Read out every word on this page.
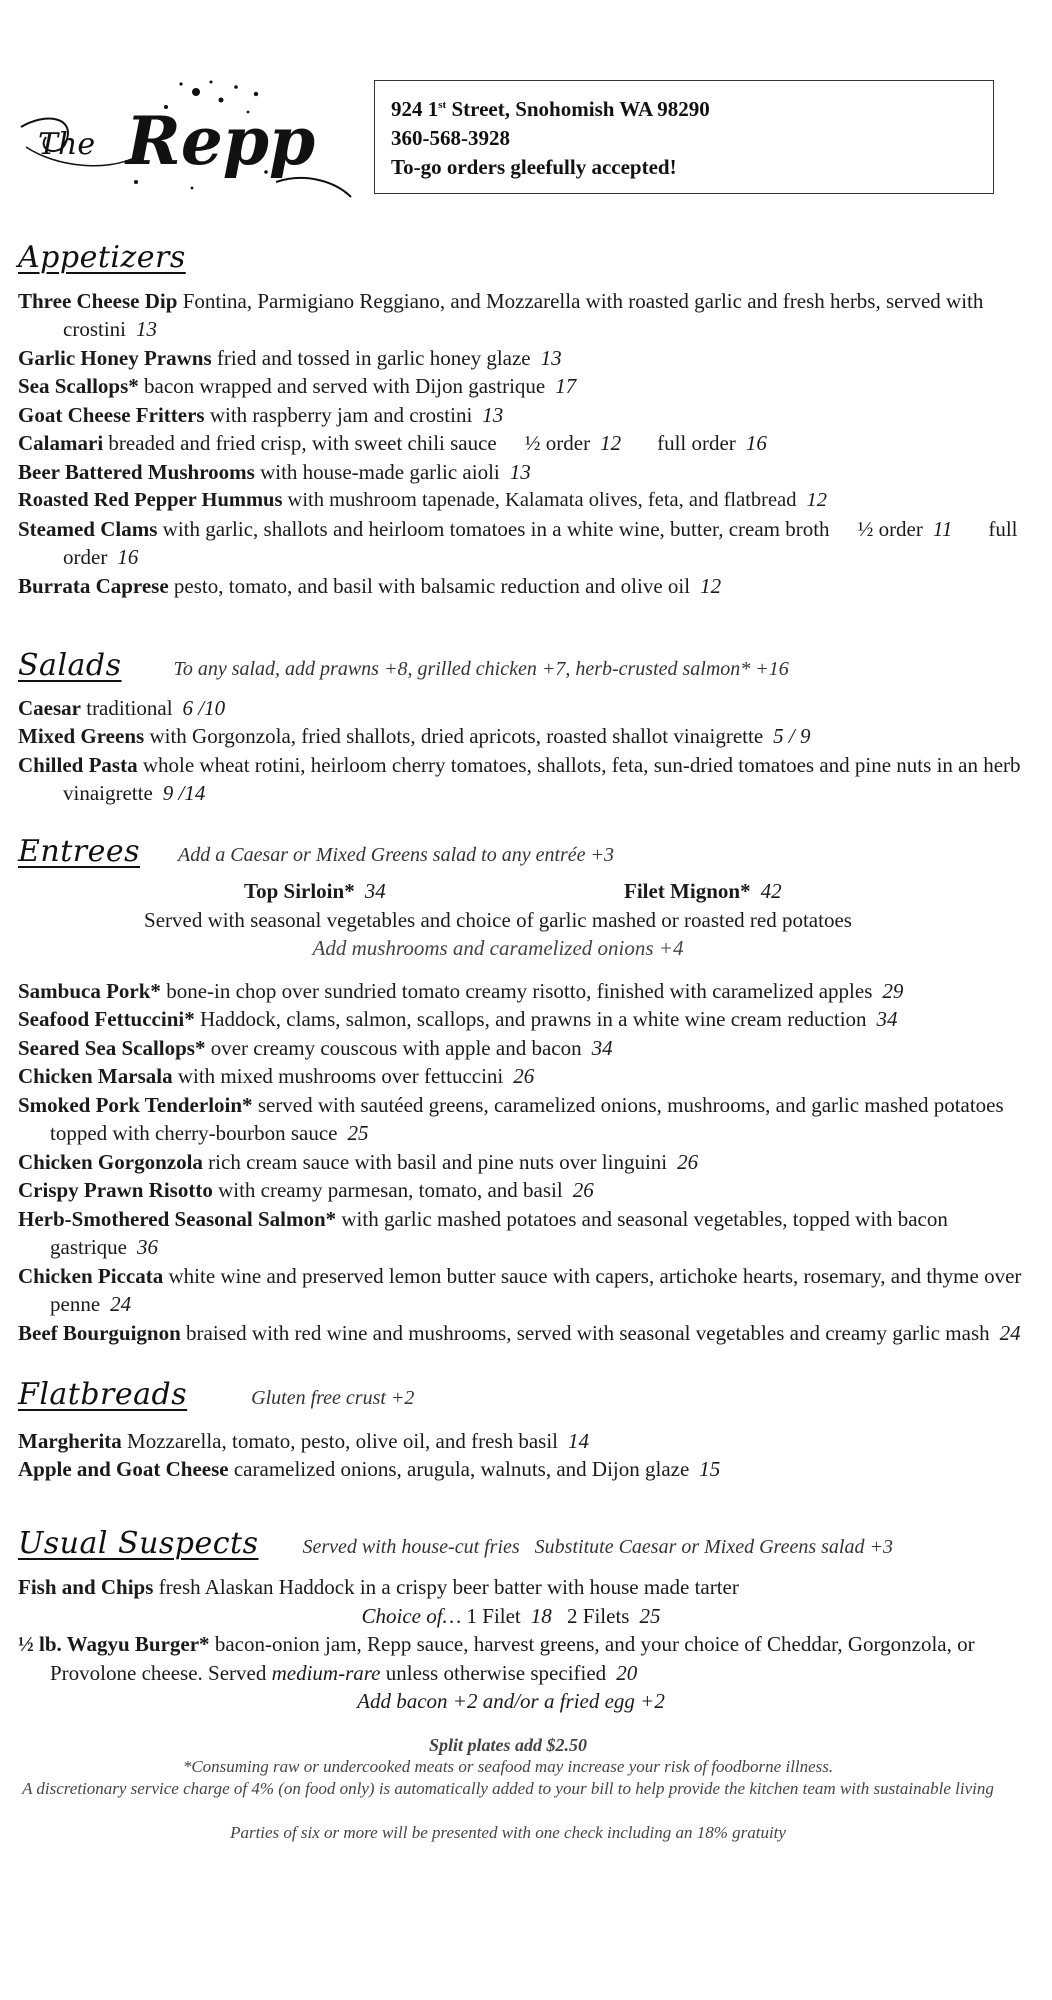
The Repp	924 1st Street, Snohomish WA 98290
360-568-3928
To-go orders gleefully accepted!
Appetizers
Three Cheese Dip Fontina, Parmigiano Reggiano, and Mozzarella with roasted garlic and fresh herbs, served with crostini 13
Garlic Honey Prawns fried and tossed in garlic honey glaze 13
Sea Scallops* bacon wrapped and served with Dijon gastrique 17
Goat Cheese Fritters with raspberry jam and crostini 13
Calamari breaded and fried crisp, with sweet chili sauce ½ order 12 full order 16
Beer Battered Mushrooms with house-made garlic aioli 13
Roasted Red Pepper Hummus with mushroom tapenade, Kalamata olives, feta, and flatbread 12
Steamed Clams with garlic, shallots and heirloom tomatoes in a white wine, butter, cream broth ½ order 11 full order 16
Burrata Caprese pesto, tomato, and basil with balsamic reduction and olive oil 12
Salads	To any salad, add prawns +8, grilled chicken +7, herb-crusted salmon* +16
Caesar traditional 6 /10
Mixed Greens with Gorgonzola, fried shallots, dried apricots, roasted shallot vinaigrette 5 / 9
Chilled Pasta whole wheat rotini, heirloom cherry tomatoes, shallots, feta, sun-dried tomatoes and pine nuts in an herb vinaigrette 9 /14
Entrees Add a Caesar or Mixed Greens salad to any entrée +3
Top Sirloin* 34	Filet Mignon* 42
Served with seasonal vegetables and choice of garlic mashed or roasted red potatoes
Add mushrooms and caramelized onions +4
Sambuca Pork* bone-in chop over sundried tomato creamy risotto, finished with caramelized apples 29
Seafood Fettuccini* Haddock, clams, salmon, scallops, and prawns in a white wine cream reduction 34
Seared Sea Scallops* over creamy couscous with apple and bacon 34
Chicken Marsala with mixed mushrooms over fettuccini 26
Smoked Pork Tenderloin* served with sautéed greens, caramelized onions, mushrooms, and garlic mashed potatoes topped with cherry-bourbon sauce 25
Chicken Gorgonzola rich cream sauce with basil and pine nuts over linguini 26
Crispy Prawn Risotto with creamy parmesan, tomato, and basil 26
Herb-Smothered Seasonal Salmon* with garlic mashed potatoes and seasonal vegetables, topped with bacon gastrique 36
Chicken Piccata white wine and preserved lemon butter sauce with capers, artichoke hearts, rosemary, and thyme over penne 24
Beef Bourguignon braised with red wine and mushrooms, served with seasonal vegetables and creamy garlic mash 24
Flatbreads	Gluten free crust +2
Margherita Mozzarella, tomato, pesto, olive oil, and fresh basil 14
Apple and Goat Cheese caramelized onions, arugula, walnuts, and Dijon glaze 15
Usual Suspects Served with house-cut fries   Substitute Caesar or Mixed Greens salad +3
Fish and Chips fresh Alaskan Haddock in a crispy beer batter with house made tarter
Choice of… 1 Filet 18 2 Filets 25
½ lb. Wagyu Burger* bacon-onion jam, Repp sauce, harvest greens, and your choice of Cheddar, Gorgonzola, or Provolone cheese. Served medium-rare unless otherwise specified 20
Add bacon +2 and/or a fried egg +2
Split plates add $2.50
*Consuming raw or undercooked meats or seafood may increase your risk of foodborne illness.
A discretionary service charge of 4% (on food only) is automatically added to your bill to help provide the kitchen team with sustainable living
Parties of six or more will be presented with one check including an 18% gratuity
